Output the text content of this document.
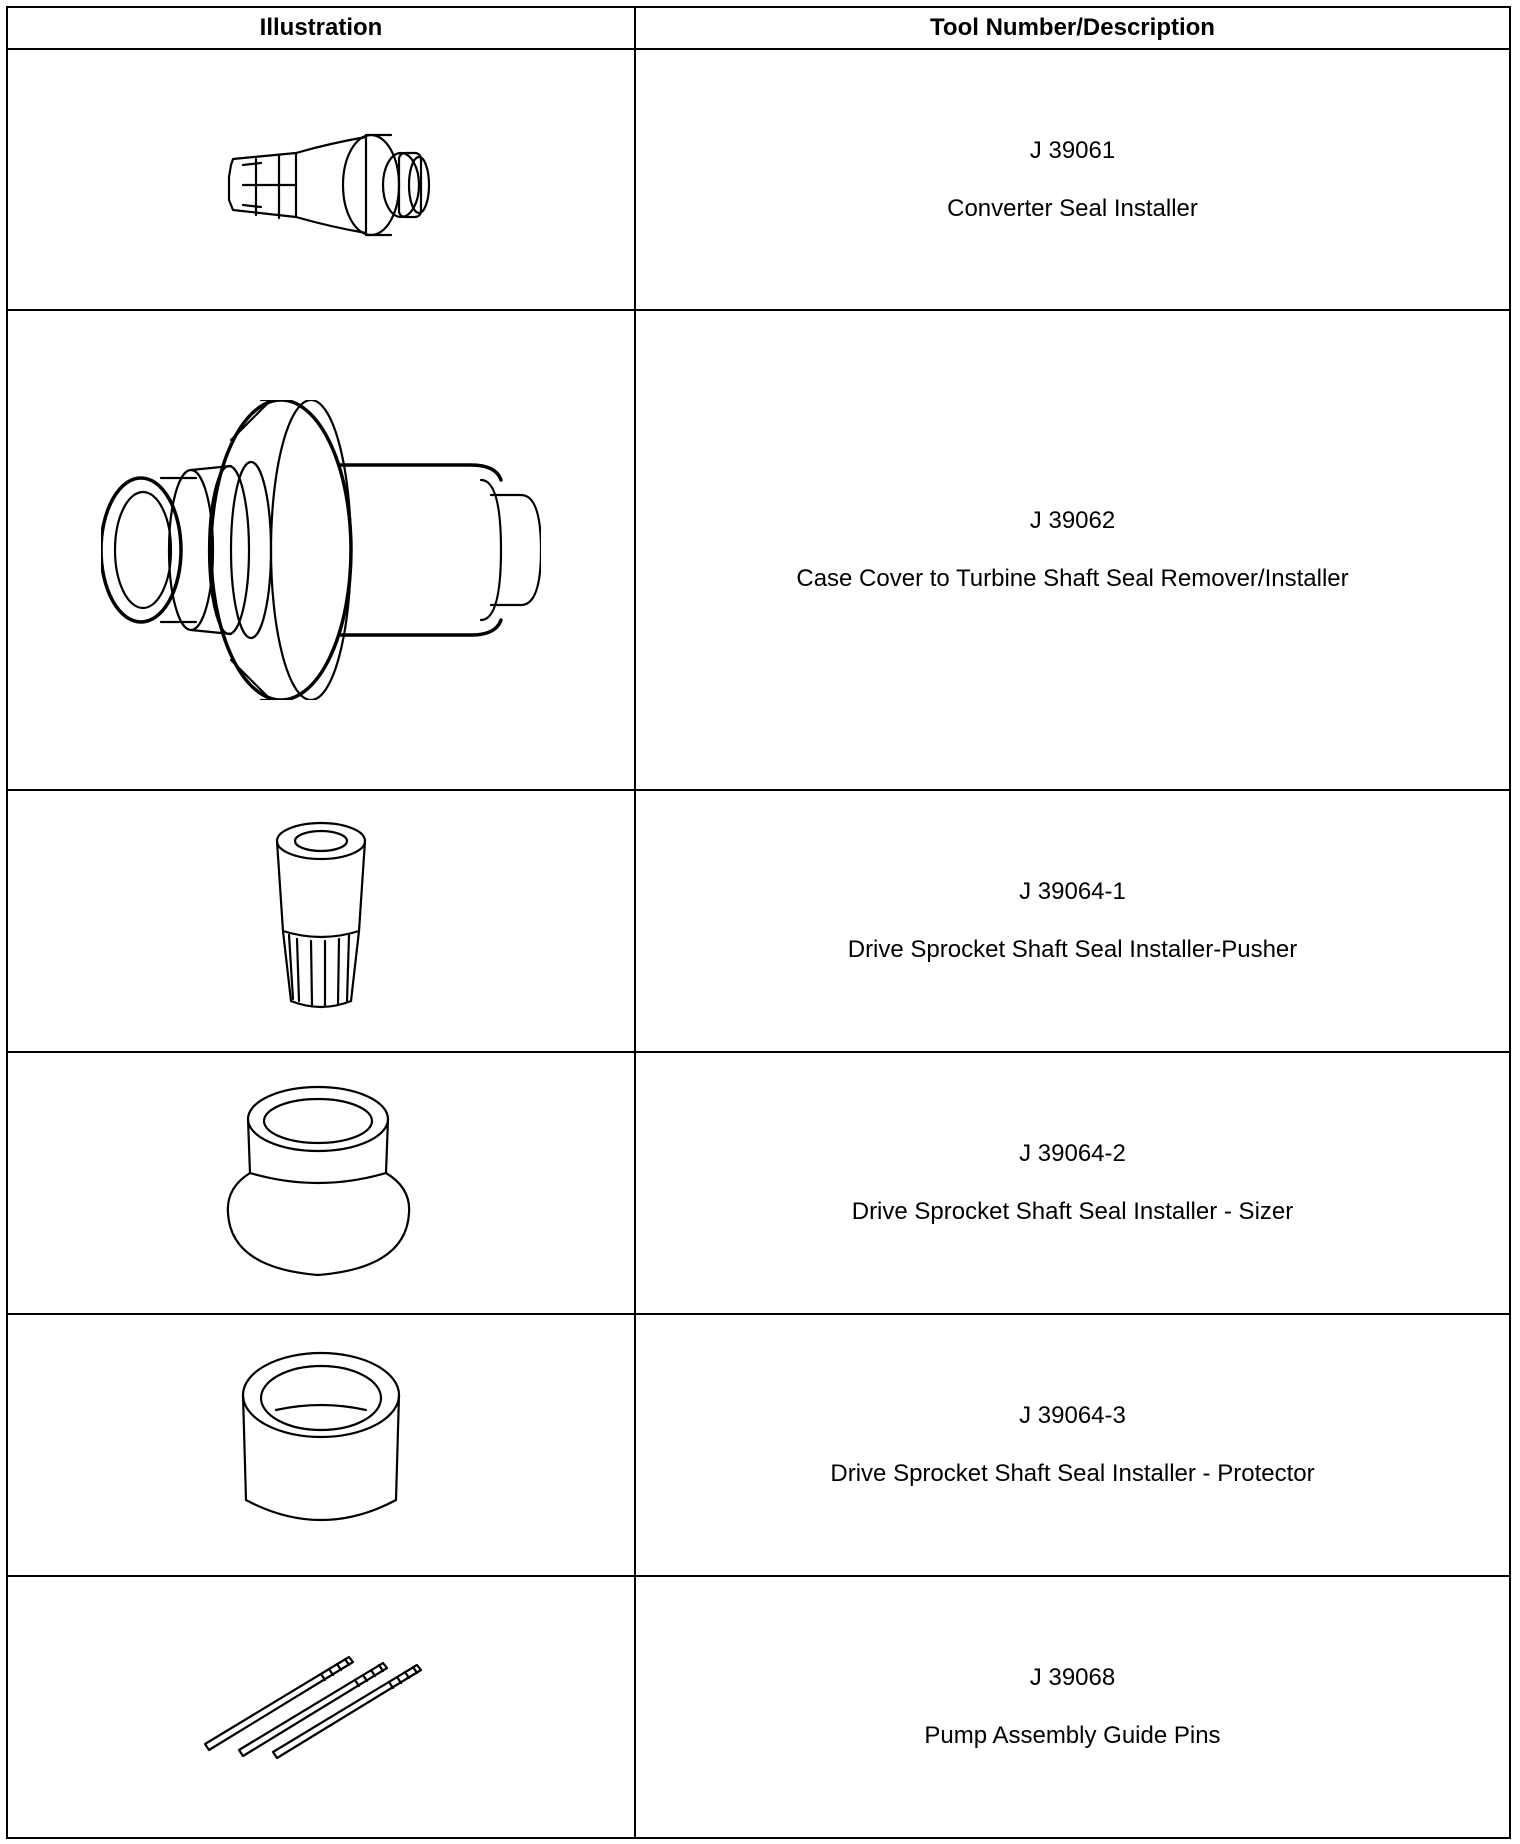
Illustration	Tool Number/Description

J 39061
Converter Seal Installer

J 39062
Case Cover to Turbine Shaft Seal Remover/Installer

J 39064-1
Drive Sprocket Shaft Seal Installer-Pusher

J 39064-2
Drive Sprocket Shaft Seal Installer - Sizer

J 39064-3
Drive Sprocket Shaft Seal Installer - Protector

J 39068
Pump Assembly Guide Pins
